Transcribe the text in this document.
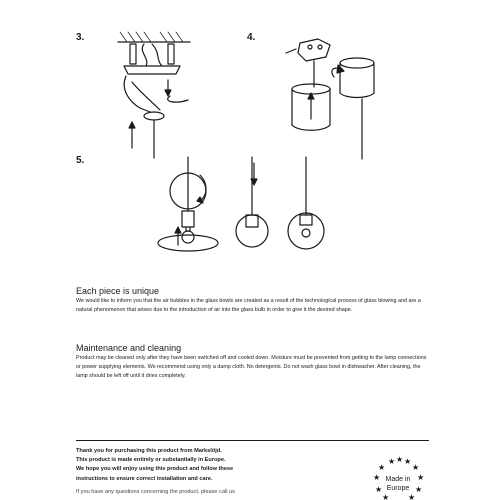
3.	4.
5.
Each piece is unique

We would like to inform you that the air bubbles in the glass bowls are created as a result of the technological process of glass blowing and are a natural phenomenon that arises due to the introduction of air into the glass bulb in order to give it the desired shape.

Maintenance and cleaning

Product may be cleaned only after they have been switched off and cooled down. Moisture must be prevented from getting to the lamp connections or power supplying elements. We recommend using only a damp cloth. No detergents. Do not wash glass bowl in dishwasher. After cleaning, the lamp should be left off until it dries completely.

Thank you for purchasing this product from Markslöjd.
This product is made entirely or substantially in Europe.
We hope you will enjoy using this product and follow these
instructions to ensure correct installation and care.
If you have any questions concerning the product, please call us
★ ★ ★
★	★
★	★
★	★
★ ★
Made in
Europe
